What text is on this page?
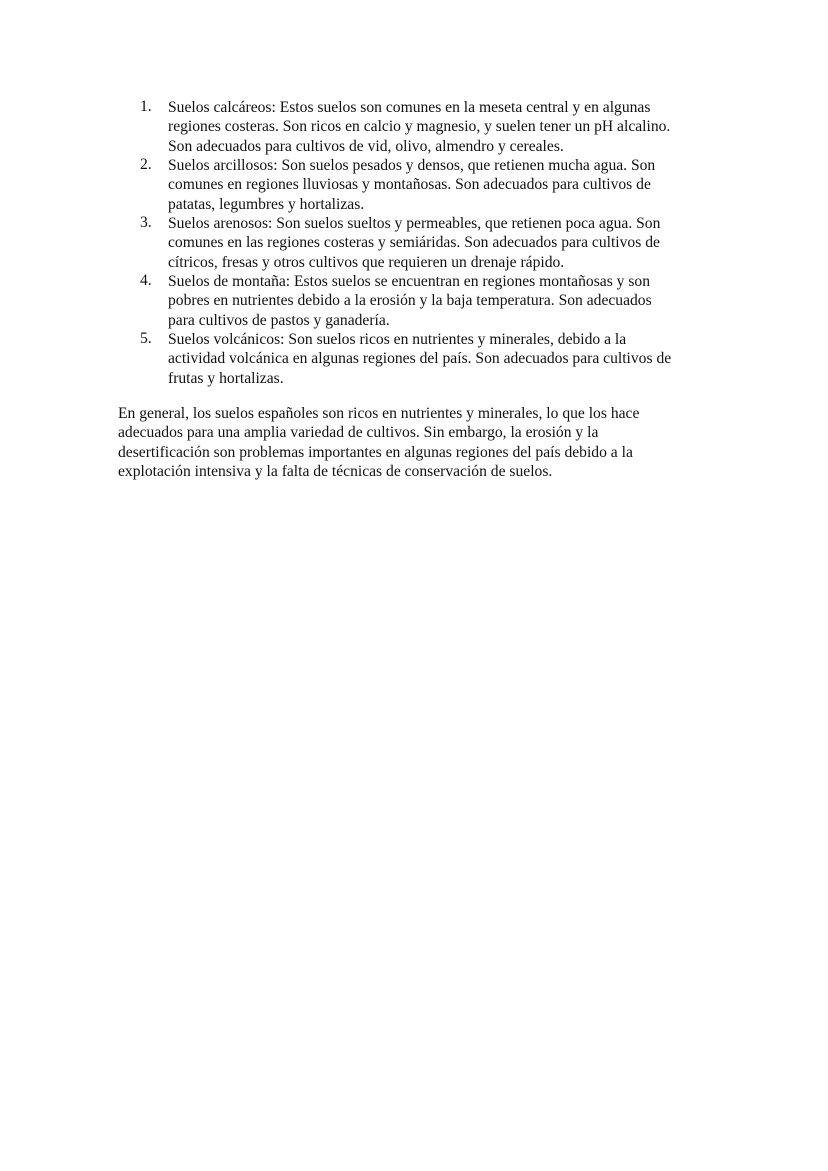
1. Suelos calcáreos: Estos suelos son comunes en la meseta central y en algunas
regiones costeras. Son ricos en calcio y magnesio, y suelen tener un pH alcalino.
Son adecuados para cultivos de vid, olivo, almendro y cereales.
2. Suelos arcillosos: Son suelos pesados y densos, que retienen mucha agua. Son
comunes en regiones lluviosas y montañosas. Son adecuados para cultivos de
patatas, legumbres y hortalizas.
3. Suelos arenosos: Son suelos sueltos y permeables, que retienen poca agua. Son
comunes en las regiones costeras y semiáridas. Son adecuados para cultivos de
cítricos, fresas y otros cultivos que requieren un drenaje rápido.
4. Suelos de montaña: Estos suelos se encuentran en regiones montañosas y son
pobres en nutrientes debido a la erosión y la baja temperatura. Son adecuados
para cultivos de pastos y ganadería.
5. Suelos volcánicos: Son suelos ricos en nutrientes y minerales, debido a la
actividad volcánica en algunas regiones del país. Son adecuados para cultivos de
frutas y hortalizas.
En general, los suelos españoles son ricos en nutrientes y minerales, lo que los hace
adecuados para una amplia variedad de cultivos. Sin embargo, la erosión y la
desertificación son problemas importantes en algunas regiones del país debido a la
explotación intensiva y la falta de técnicas de conservación de suelos.
